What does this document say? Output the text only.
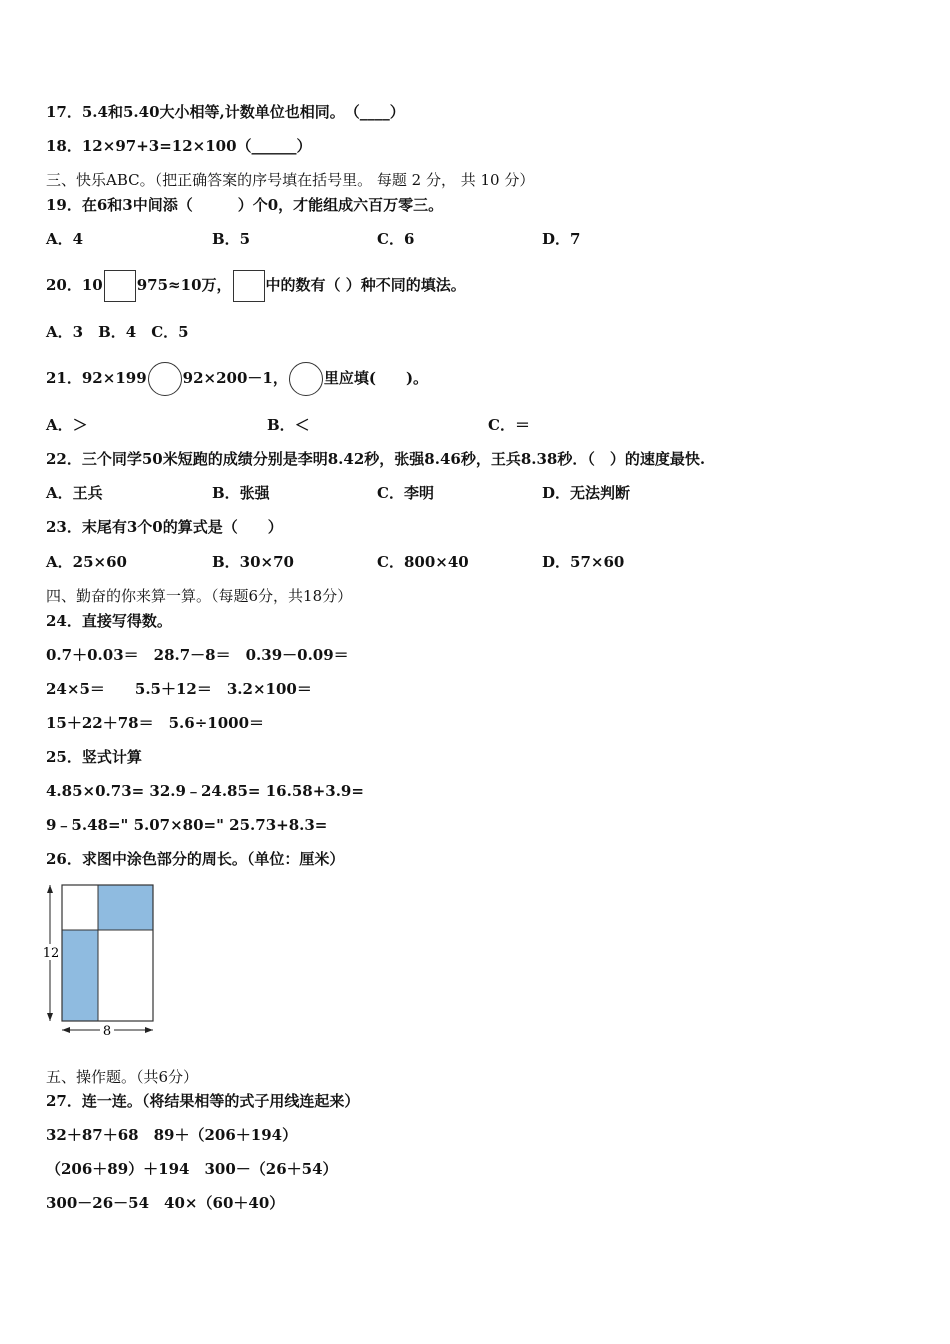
17．5.4和5.40大小相等,计数单位也相同。　（____）
18．12×97+3=12×100（______）
三、快乐ABC。（把正确答案的序号填在括号里。 每题 2 分， 共 10 分）
19．在6和3中间添（　　　）个0，才能组成六百万零三。
A．4	B．5	C．6	D．7
20．10 975≈10万， 中的数有（ ）种不同的填法。
A．3　B．4　C．5
21．92×199 92×200－1， 里应填(　　)。
A．＞	B．＜	C．＝
22．三个同学50米短跑的成绩分别是李明8.42秒，张强8.46秒，王兵8.38秒．（　）的速度最快.
A．王兵	B．张强	C．李明	D．无法判断
23．末尾有3个0的算式是（　　）
A．25×60	B．30×70	C．800×40	D．57×60
四、勤奋的你来算一算。（每题6分，共18分）
24．直接写得数。
0.7＋0.03＝　28.7－8＝　0.39－0.09＝
24×5＝　　5.5＋12＝　3.2×100＝
15＋22＋78＝　5.6÷1000＝
25．竖式计算
4.85×0.73= 32.9﹣24.85= 16.58+3.9=
9﹣5.48=" 5.07×80=" 25.73+8.3=
26．求图中涂色部分的周长。（单位：厘米）
12
8
五、操作题。（共6分）
27．连一连。（将结果相等的式子用线连起来）
32＋87＋68　89＋（206＋194）
（206＋89）＋194　300－（26＋54）
300－26－54　40×（60＋40）
